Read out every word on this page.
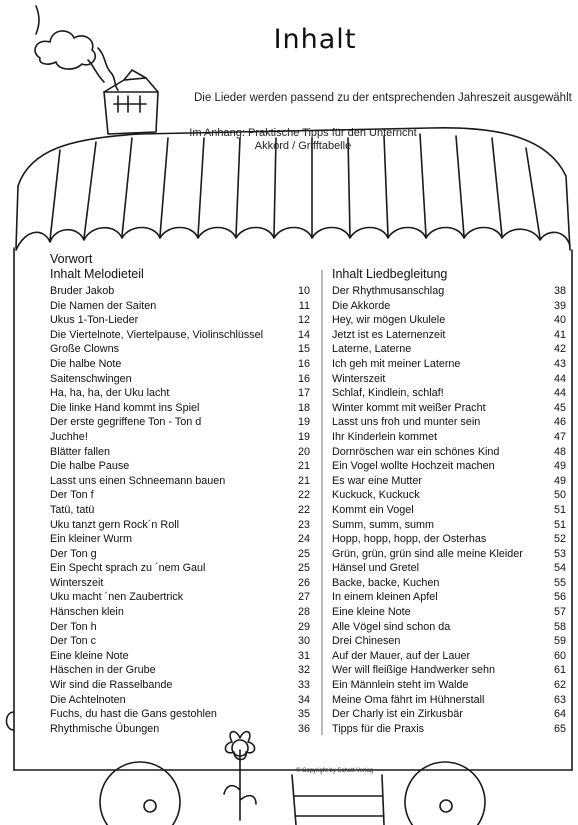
Inhalt
Die Lieder werden passend zu der entsprechenden Jahreszeit ausgewählt
Im Anhang: Praktische Tipps für den Unterricht
Akkord / Grifftabelle
Vorwort
Inhalt Melodieteil	Inhalt Liedbegleitung
Bruder Jakob	10
Die Namen der Saiten	11
Ukus 1-Ton-Lieder	12
Die Viertelnote, Viertelpause, Violinschlüssel	14
Große Clowns	15
Die halbe Note	16
Saitenschwingen	16
Ha, ha, ha, der Uku lacht	17
Die linke Hand kommt ins Spiel	18
Der erste gegriffene Ton - Ton d	19
Juchhe!	19
Blätter fallen	20
Die halbe Pause	21
Lasst uns einen Schneemann bauen	21
Der Ton f	22
Tatü, tatü	22
Uku tanzt gern Rock´n Roll	23
Ein kleiner Wurm	24
Der Ton g	25
Ein Specht sprach zu ´nem Gaul	25
Winterszeit	26
Uku macht ´nen Zaubertrick	27
Hänschen klein	28
Der Ton h	29
Der Ton c	30
Eine kleine Note	31
Häschen in der Grube	32
Wir sind die Rasselbande	33
Die Achtelnoten	34
Fuchs, du hast die Gans gestohlen	35
Rhythmische Übungen	36
Der Rhythmusanschlag	38
Die Akkorde	39
Hey, wir mögen Ukulele	40
Jetzt ist es Laternenzeit	41
Laterne, Laterne	42
Ich geh mit meiner Laterne	43
Winterszeit	44
Schlaf, Kindlein, schlaf!	44
Winter kommt mit weißer Pracht	45
Lasst uns froh und munter sein	46
Ihr Kinderlein kommet	47
Dornröschen war ein schönes Kind	48
Ein Vogel wollte Hochzeit machen	49
Es war eine Mutter	49
Kuckuck, Kuckuck	50
Kommt ein Vogel	51
Summ, summ, summ	51
Hopp, hopp, hopp, der Osterhas	52
Grün, grün, grün sind alle meine Kleider	53
Hänsel und Gretel	54
Backe, backe, Kuchen	55
In einem kleinen Apfel	56
Eine kleine Note	57
Alle Vögel sind schon da	58
Drei Chinesen	59
Auf der Mauer, auf der Lauer	60
Wer will fleißige Handwerker sehn	61
Ein Männlein steht im Walde	62
Meine Oma fährt im Hühnerstall	63
Der Charly ist ein Zirkusbär	64
Tipps für die Praxis	65
© Copyright by Schott Verlag
